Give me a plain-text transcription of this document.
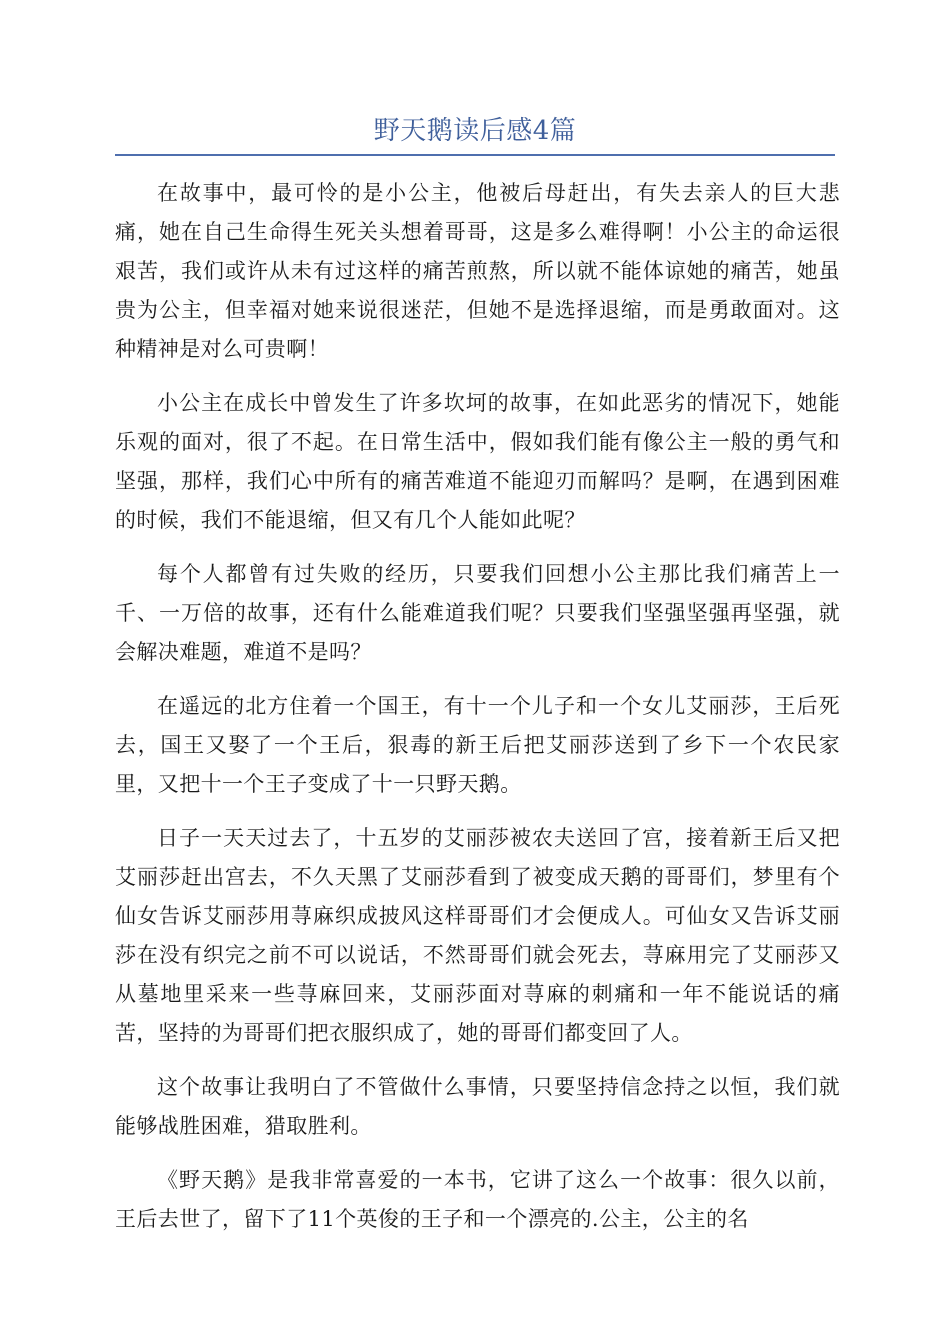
野天鹅读后感4篇

在故事中，最可怜的是小公主，他被后母赶出，有失去亲人的巨大悲痛，她在自己生命得生死关头想着哥哥，这是多么难得啊！小公主的命运很艰苦，我们或许从未有过这样的痛苦煎熬，所以就不能体谅她的痛苦，她虽贵为公主，但幸福对她来说很迷茫，但她不是选择退缩，而是勇敢面对。这种精神是对么可贵啊！

小公主在成长中曾发生了许多坎坷的故事，在如此恶劣的情况下，她能乐观的面对，很了不起。在日常生活中，假如我们能有像公主一般的勇气和坚强，那样，我们心中所有的痛苦难道不能迎刃而解吗？是啊，在遇到困难的时候，我们不能退缩，但又有几个人能如此呢？

每个人都曾有过失败的经历，只要我们回想小公主那比我们痛苦上一千、一万倍的故事，还有什么能难道我们呢？只要我们坚强坚强再坚强，就会解决难题，难道不是吗？

在遥远的北方住着一个国王，有十一个儿子和一个女儿艾丽莎，王后死去，国王又娶了一个王后，狠毒的新王后把艾丽莎送到了乡下一个农民家里，又把十一个王子变成了十一只野天鹅。

日子一天天过去了，十五岁的艾丽莎被农夫送回了宫，接着新王后又把艾丽莎赶出宫去，不久天黑了艾丽莎看到了被变成天鹅的哥哥们，梦里有个仙女告诉艾丽莎用荨麻织成披风这样哥哥们才会便成人。可仙女又告诉艾丽莎在没有织完之前不可以说话，不然哥哥们就会死去，荨麻用完了艾丽莎又从墓地里采来一些荨麻回来，艾丽莎面对荨麻的刺痛和一年不能说话的痛苦，坚持的为哥哥们把衣服织成了，她的哥哥们都变回了人。

这个故事让我明白了不管做什么事情，只要坚持信念持之以恒，我们就能够战胜困难，猎取胜利。

《野天鹅》是我非常喜爱的一本书，它讲了这么一个故事：很久以前，王后去世了，留下了11个英俊的王子和一个漂亮的.公主，公主的名
